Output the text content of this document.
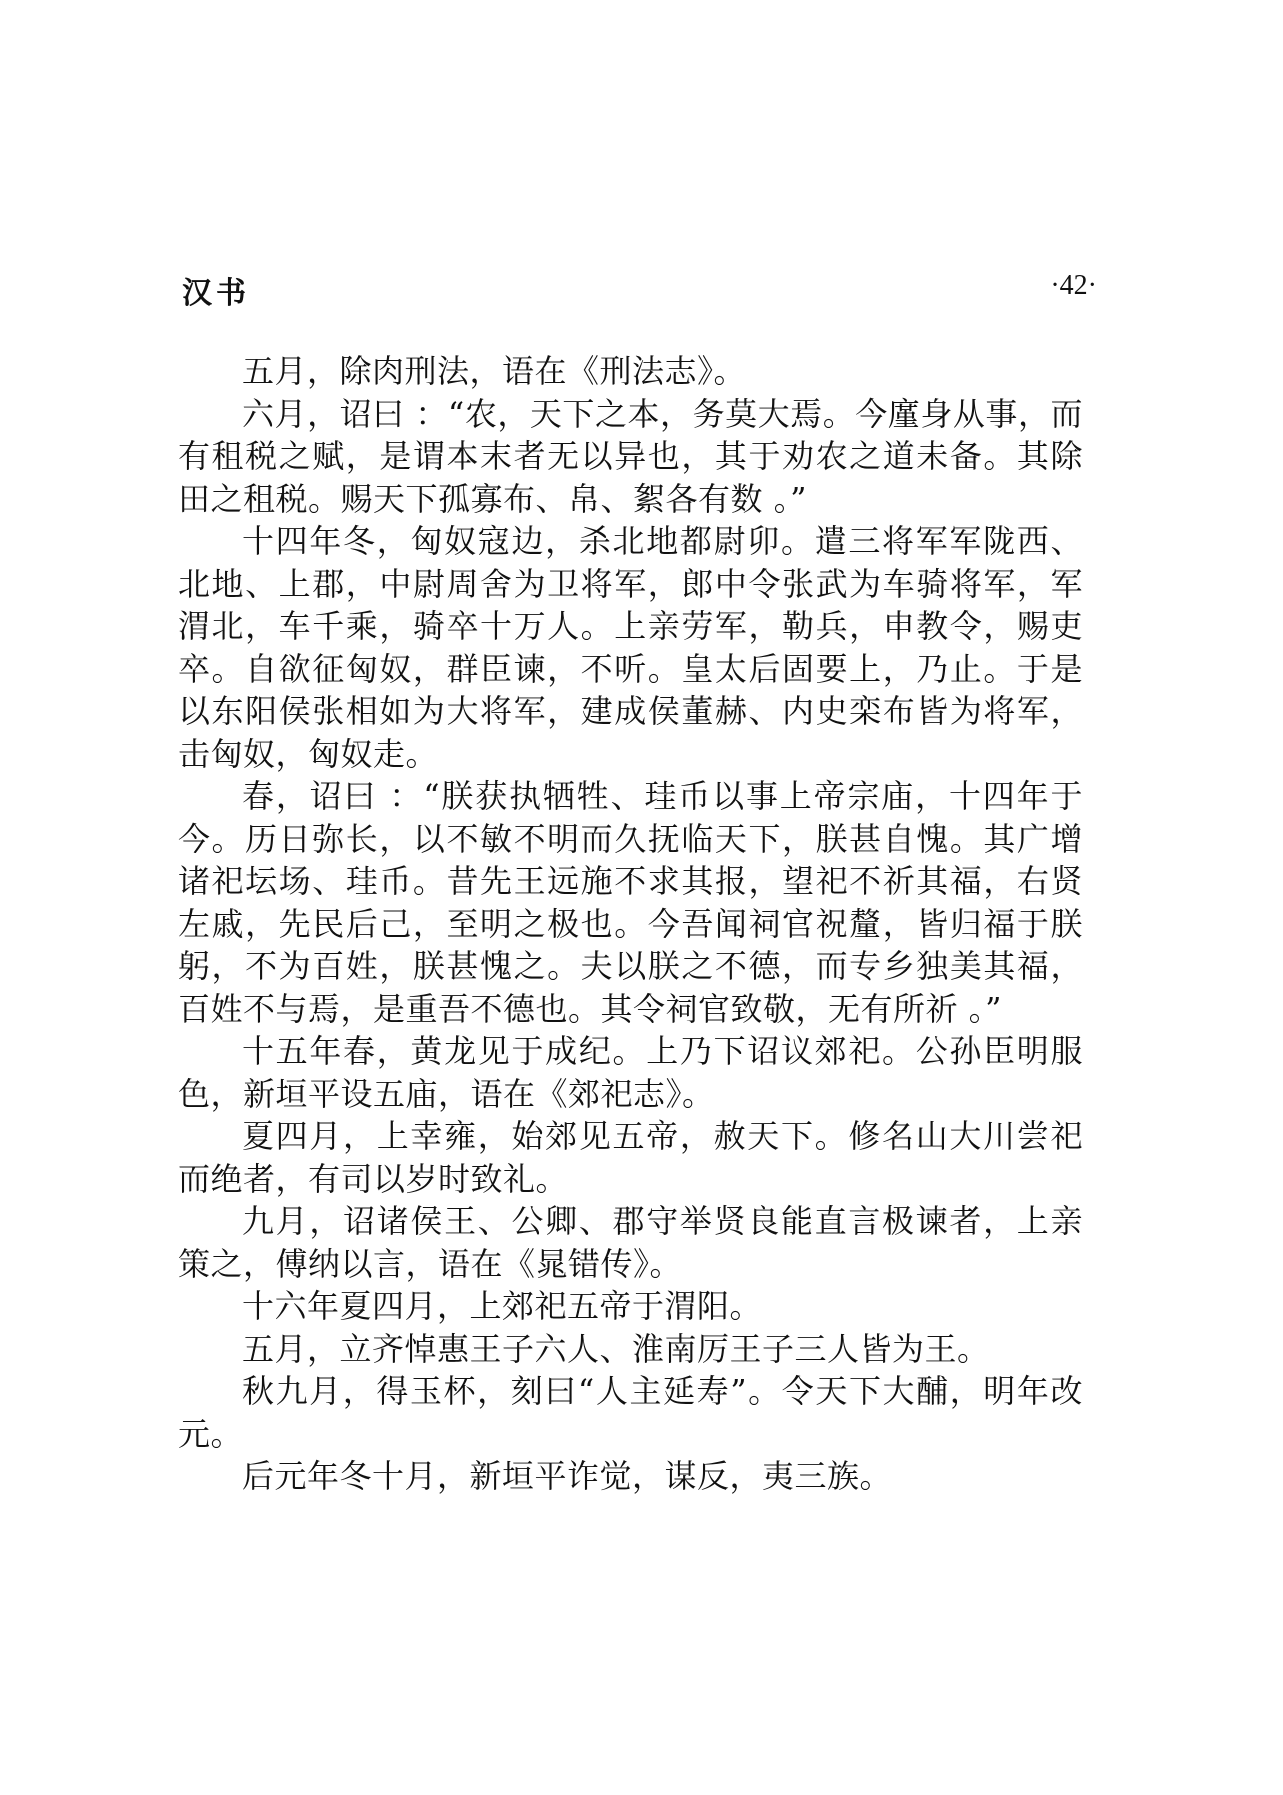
汉书	·42·

五月，除肉刑法，语在《刑法志》。

六月，诏曰 ：“农，天下之本，务莫大焉。今廑身从事，而有租税之赋，是谓本末者无以异也，其于劝农之道未备。其除田之租税。赐天下孤寡布、帛、絮各有数 。”

十四年冬，匈奴寇边，杀北地都尉卯。遣三将军军陇西、北地、上郡，中尉周舍为卫将军，郎中令张武为车骑将军，军渭北，车千乘，骑卒十万人。上亲劳军，勒兵，申教令，赐吏卒。自欲征匈奴，群臣谏，不听。皇太后固要上，乃止。于是以东阳侯张相如为大将军，建成侯董赫、内史栾布皆为将军，击匈奴，匈奴走。

春，诏曰 ：“朕获执牺牲、珪币以事上帝宗庙，十四年于今。历日弥长，以不敏不明而久抚临天下，朕甚自愧。其广增诸祀坛场、珪币。昔先王远施不求其报，望祀不祈其福，右贤左戚，先民后己，至明之极也。今吾闻祠官祝釐，皆归福于朕躬，不为百姓，朕甚愧之。夫以朕之不德，而专乡独美其福，百姓不与焉，是重吾不德也。其令祠官致敬，无有所祈 。”

十五年春，黄龙见于成纪。上乃下诏议郊祀。公孙臣明服色，新垣平设五庙，语在《郊祀志》。

夏四月，上幸雍，始郊见五帝，赦天下。修名山大川尝祀而绝者，有司以岁时致礼。

九月，诏诸侯王、公卿、郡守举贤良能直言极谏者，上亲策之，傅纳以言，语在《晁错传》。

十六年夏四月，上郊祀五帝于渭阳。

五月，立齐悼惠王子六人、淮南厉王子三人皆为王。

秋九月，得玉杯，刻曰“人主延寿”。令天下大酺，明年改元。

后元年冬十月，新垣平诈觉，谋反，夷三族。
